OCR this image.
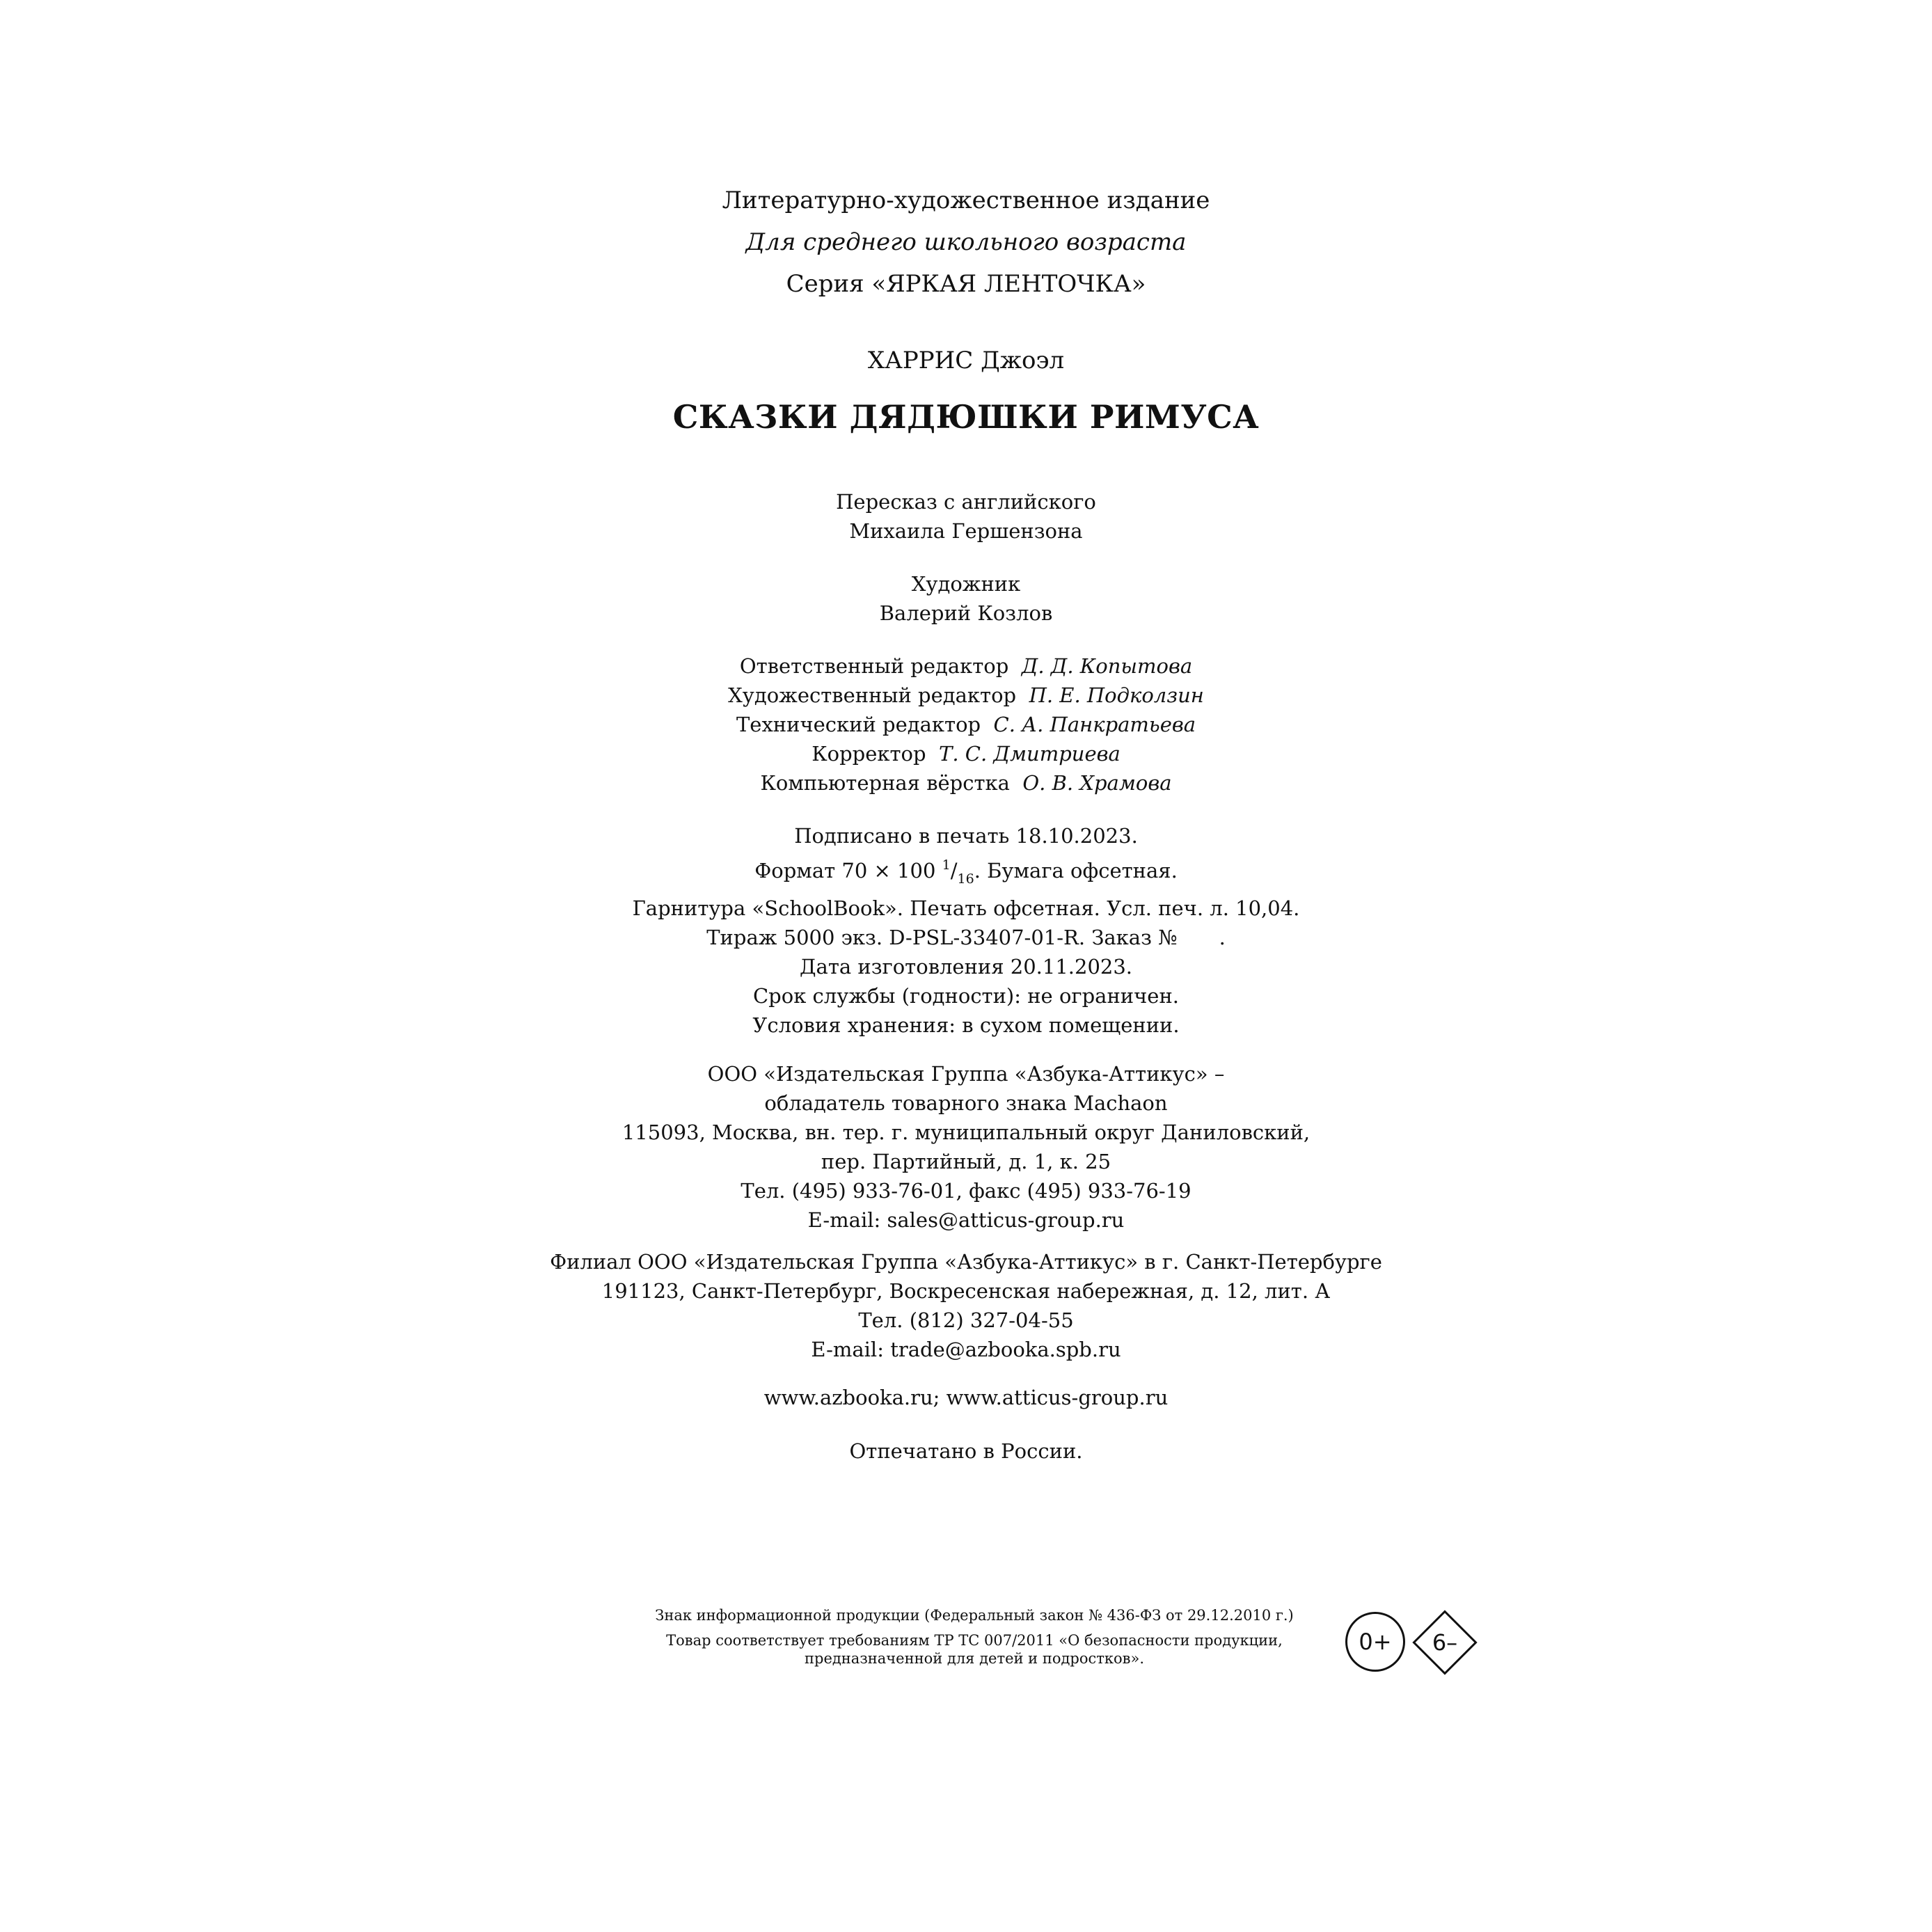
Литературно-художественное издание
Для среднего школьного возраста
Серия «ЯРКАЯ ЛЕНТОЧКА»
ХАРРИС Джоэл
СКАЗКИ ДЯДЮШКИ РИМУСА
Пересказ с английского
Михаила Гершензона
Художник
Валерий Козлов
Ответственный редактор Д. Д. Копытова
Художественный редактор П. Е. Подколзин
Технический редактор С. А. Панкратьева
Корректор Т. С. Дмитриева
Компьютерная вёрстка О. В. Храмова
Подписано в печать 18.10.2023.
Формат 70 × 100 $^1/_{16}$. Бумага офсетная.
Гарнитура «SchoolBook». Печать офсетная. Усл. печ. л. 10,04.
Тираж 5000 экз. D-PSL-33407-01-R. Заказ № .
Дата изготовления 20.11.2023.
Срок службы (годности): не ограничен.
Условия хранения: в сухом помещении.
ООО «Издательская Группа «Азбука-Аттикус» –
обладатель товарного знака Machaon
115093, Москва, вн. тер. г. муниципальный округ Даниловский,
пер. Партийный, д. 1, к. 25
Тел. (495) 933-76-01, факс (495) 933-76-19
E-mail: sales@atticus-group.ru
Филиал ООО «Издательская Группа «Азбука-Аттикус» в г. Санкт-Петербурге
191123, Санкт-Петербург, Воскресенская набережная, д. 12, лит. А
Тел. (812) 327-04-55
E-mail: trade@azbooka.spb.ru
www.azbooka.ru; www.atticus-group.ru
Отпечатано в России.
Знак информационной продукции (Федеральный закон № 436-ФЗ от 29.12.2010 г.)
Товар соответствует требованиям ТР ТС 007/2011 «О безопасности продукции,
предназначенной для детей и подростков».
0+	6–
